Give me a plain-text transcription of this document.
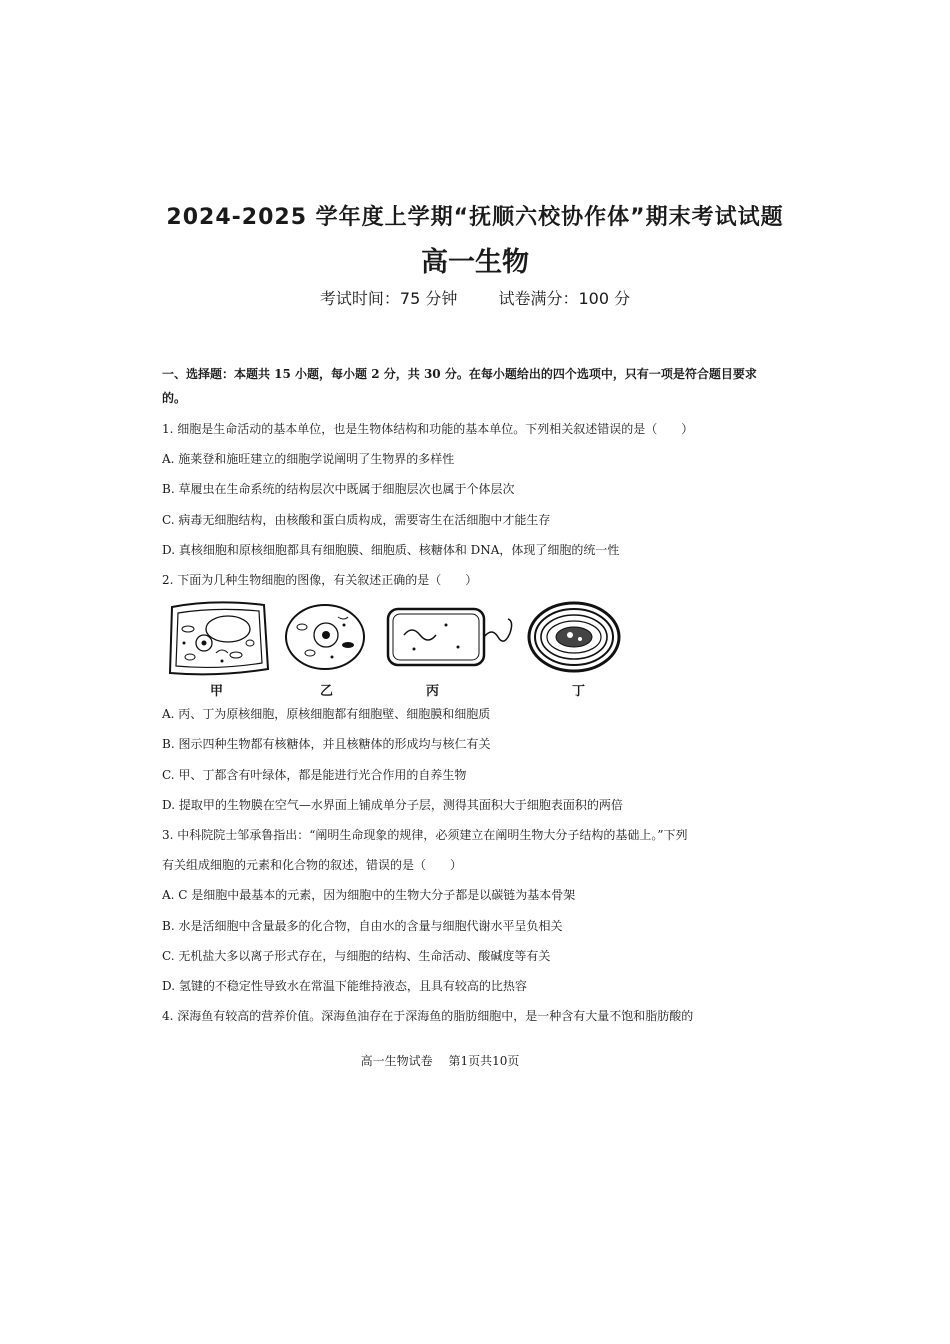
2024-2025 学年度上学期“抚顺六校协作体”期末考试试题
高一生物
考试时间：75 分钟	试卷满分：100 分

一、选择题：本题共 15 小题，每小题 2 分，共 30 分。在每小题给出的四个选项中，只有一项是符合题目要求的。

1. 细胞是生命活动的基本单位，也是生物体结构和功能的基本单位。下列相关叙述错误的是（　　）

A. 施莱登和施旺建立的细胞学说阐明了生物界的多样性

B. 草履虫在生命系统的结构层次中既属于细胞层次也属于个体层次

C. 病毒无细胞结构，由核酸和蛋白质构成，需要寄生在活细胞中才能生存

D. 真核细胞和原核细胞都具有细胞膜、细胞质、核糖体和 DNA，体现了细胞的统一性

2. 下面为几种生物细胞的图像，有关叙述正确的是（　　）

甲	乙	丙	丁

A. 丙、丁为原核细胞，原核细胞都有细胞壁、细胞膜和细胞质

B. 图示四种生物都有核糖体，并且核糖体的形成均与核仁有关

C. 甲、丁都含有叶绿体，都是能进行光合作用的自养生物

D. 提取甲的生物膜在空气—水界面上铺成单分子层，测得其面积大于细胞表面积的两倍

3. 中科院院士邹承鲁指出：“阐明生命现象的规律，必须建立在阐明生物大分子结构的基础上。”下列

有关组成细胞的元素和化合物的叙述，错误的是（　　）

A. C 是细胞中最基本的元素，因为细胞中的生物大分子都是以碳链为基本骨架

B. 水是活细胞中含量最多的化合物，自由水的含量与细胞代谢水平呈负相关

C. 无机盐大多以离子形式存在，与细胞的结构、生命活动、酸碱度等有关

D. 氢键的不稳定性导致水在常温下能维持液态，且具有较高的比热容

4. 深海鱼有较高的营养价值。深海鱼油存在于深海鱼的脂肪细胞中，是一种含有大量不饱和脂肪酸的

高一生物试卷 第1页共10页
